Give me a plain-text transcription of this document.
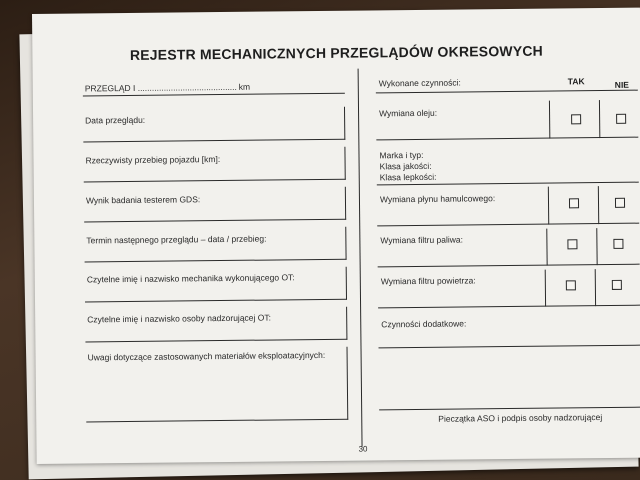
REJESTR MECHANICZNYCH PRZEGLĄDÓW OKRESOWYCH
PRZEGLĄD I .......................................... km
Data przeglądu:
Rzeczywisty przebieg pojazdu [km]:
Wynik badania testerem GDS:
Termin następnego przeglądu – data / przebieg:
Czytelne imię i nazwisko mechanika wykonującego OT:
Czytelne imię i nazwisko osoby nadzorującej OT:
Uwagi dotyczące zastosowanych materiałów eksploatacyjnych:
Wykonane czynności:	TAK	NIE
Wymiana oleju:
Marka i typ:
Klasa jakości:
Klasa lepkości:
Wymiana płynu hamulcowego:
Wymiana filtru paliwa:
Wymiana filtru powietrza:
Czynności dodatkowe:
Pieczątka ASO i podpis osoby nadzorującej
30
